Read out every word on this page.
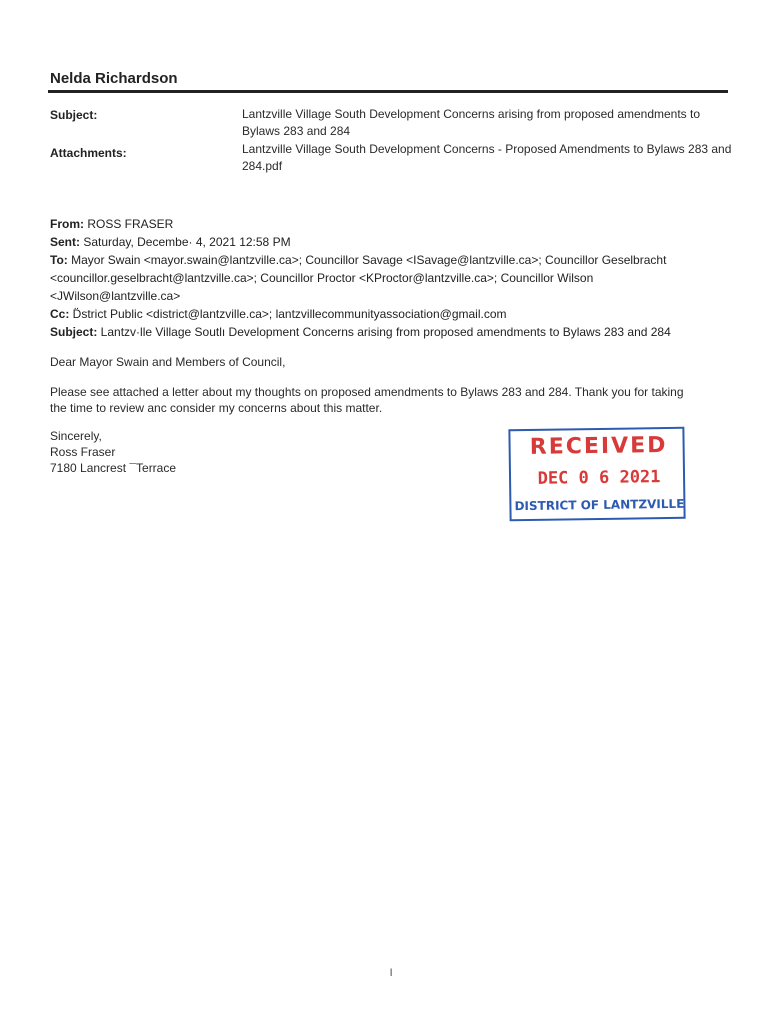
Nelda Richardson
Subject:	Lantzville Village South Development Concerns arising from proposed amendments to Bylaws 283 and 284
Attachments:	Lantzville Village South Development Concerns - Proposed Amendments to Bylaws 283 and 284.pdf
From: ROSS FRASER
Sent: Saturday, Decembe· 4, 2021 12:58 PM
To: Mayor Swain <mayor.swain@lantzville.ca>; Councillor Savage <ISavage@lantzville.ca>; Councillor Geselbracht
<councillor.geselbracht@lantzville.ca>; Councillor Proctor <KProctor@lantzville.ca>; Councillor Wilson
<JWilson@lantzville.ca>
Cc: D̈strict Public <district@lantzville.ca>; lantzvillecommunityassociation@gmail.com
Subject: Lantzv·lle Village Soutlı Development Concerns arising from proposed amendments to Bylaws 283 and 284
Dear Mayor Swain and Members of Council,
Please see attached a letter about my thoughts on proposed amendments to Bylaws 283 and 284. Thank you for taking
the time to review anc consider my concerns about this matter.
Sincerely,
Ross Fraser
7180 Lancrest ¯Terrace
RECEIVED
DEC 0 6 2021
DISTRICT OF LANTZVILLE
l
